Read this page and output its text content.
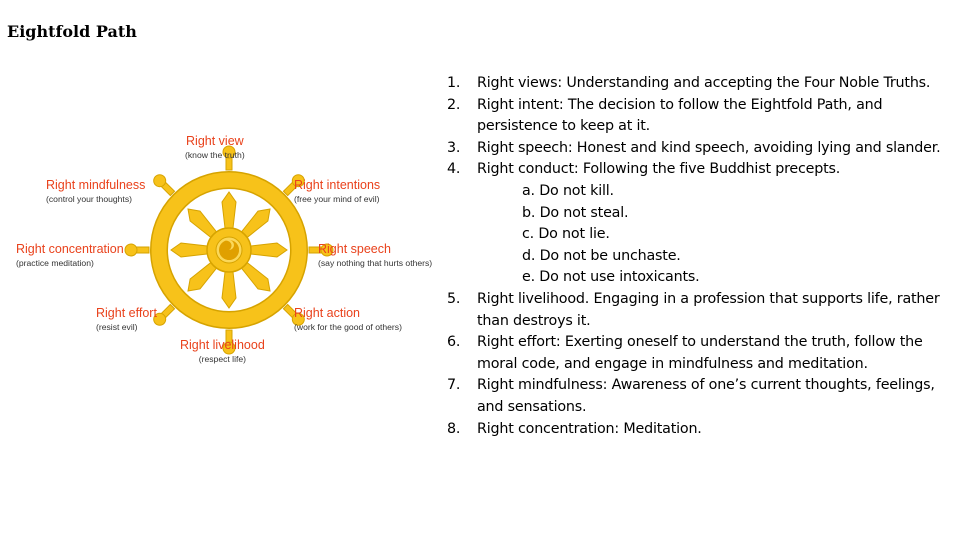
Eightfold Path
Right view
(know the truth)
Right intentions
(free your mind of evil)
Right speech
(say nothing that hurts others)
Right action
(work for the good of others)
Right livelihood
(respect life)
Right effort
(resist evil)
Right concentration
(practice meditation)
Right mindfulness
(control your thoughts)
1. Right views: Understanding and accepting the Four Noble Truths.
2. Right intent: The decision to follow the Eightfold Path, and persistence to keep at it.
3. Right speech: Honest and kind speech, avoiding lying and slander.
4. Right conduct: Following the five Buddhist precepts.
a. Do not kill.
b. Do not steal.
c. Do not lie.
d. Do not be unchaste.
e. Do not use intoxicants.
5. Right livelihood. Engaging in a profession that supports life, rather than destroys it.
6. Right effort: Exerting oneself to understand the truth, follow the moral code, and engage in mindfulness and meditation.
7. Right mindfulness: Awareness of one’s current thoughts, feelings, and sensations.
8. Right concentration: Meditation.
